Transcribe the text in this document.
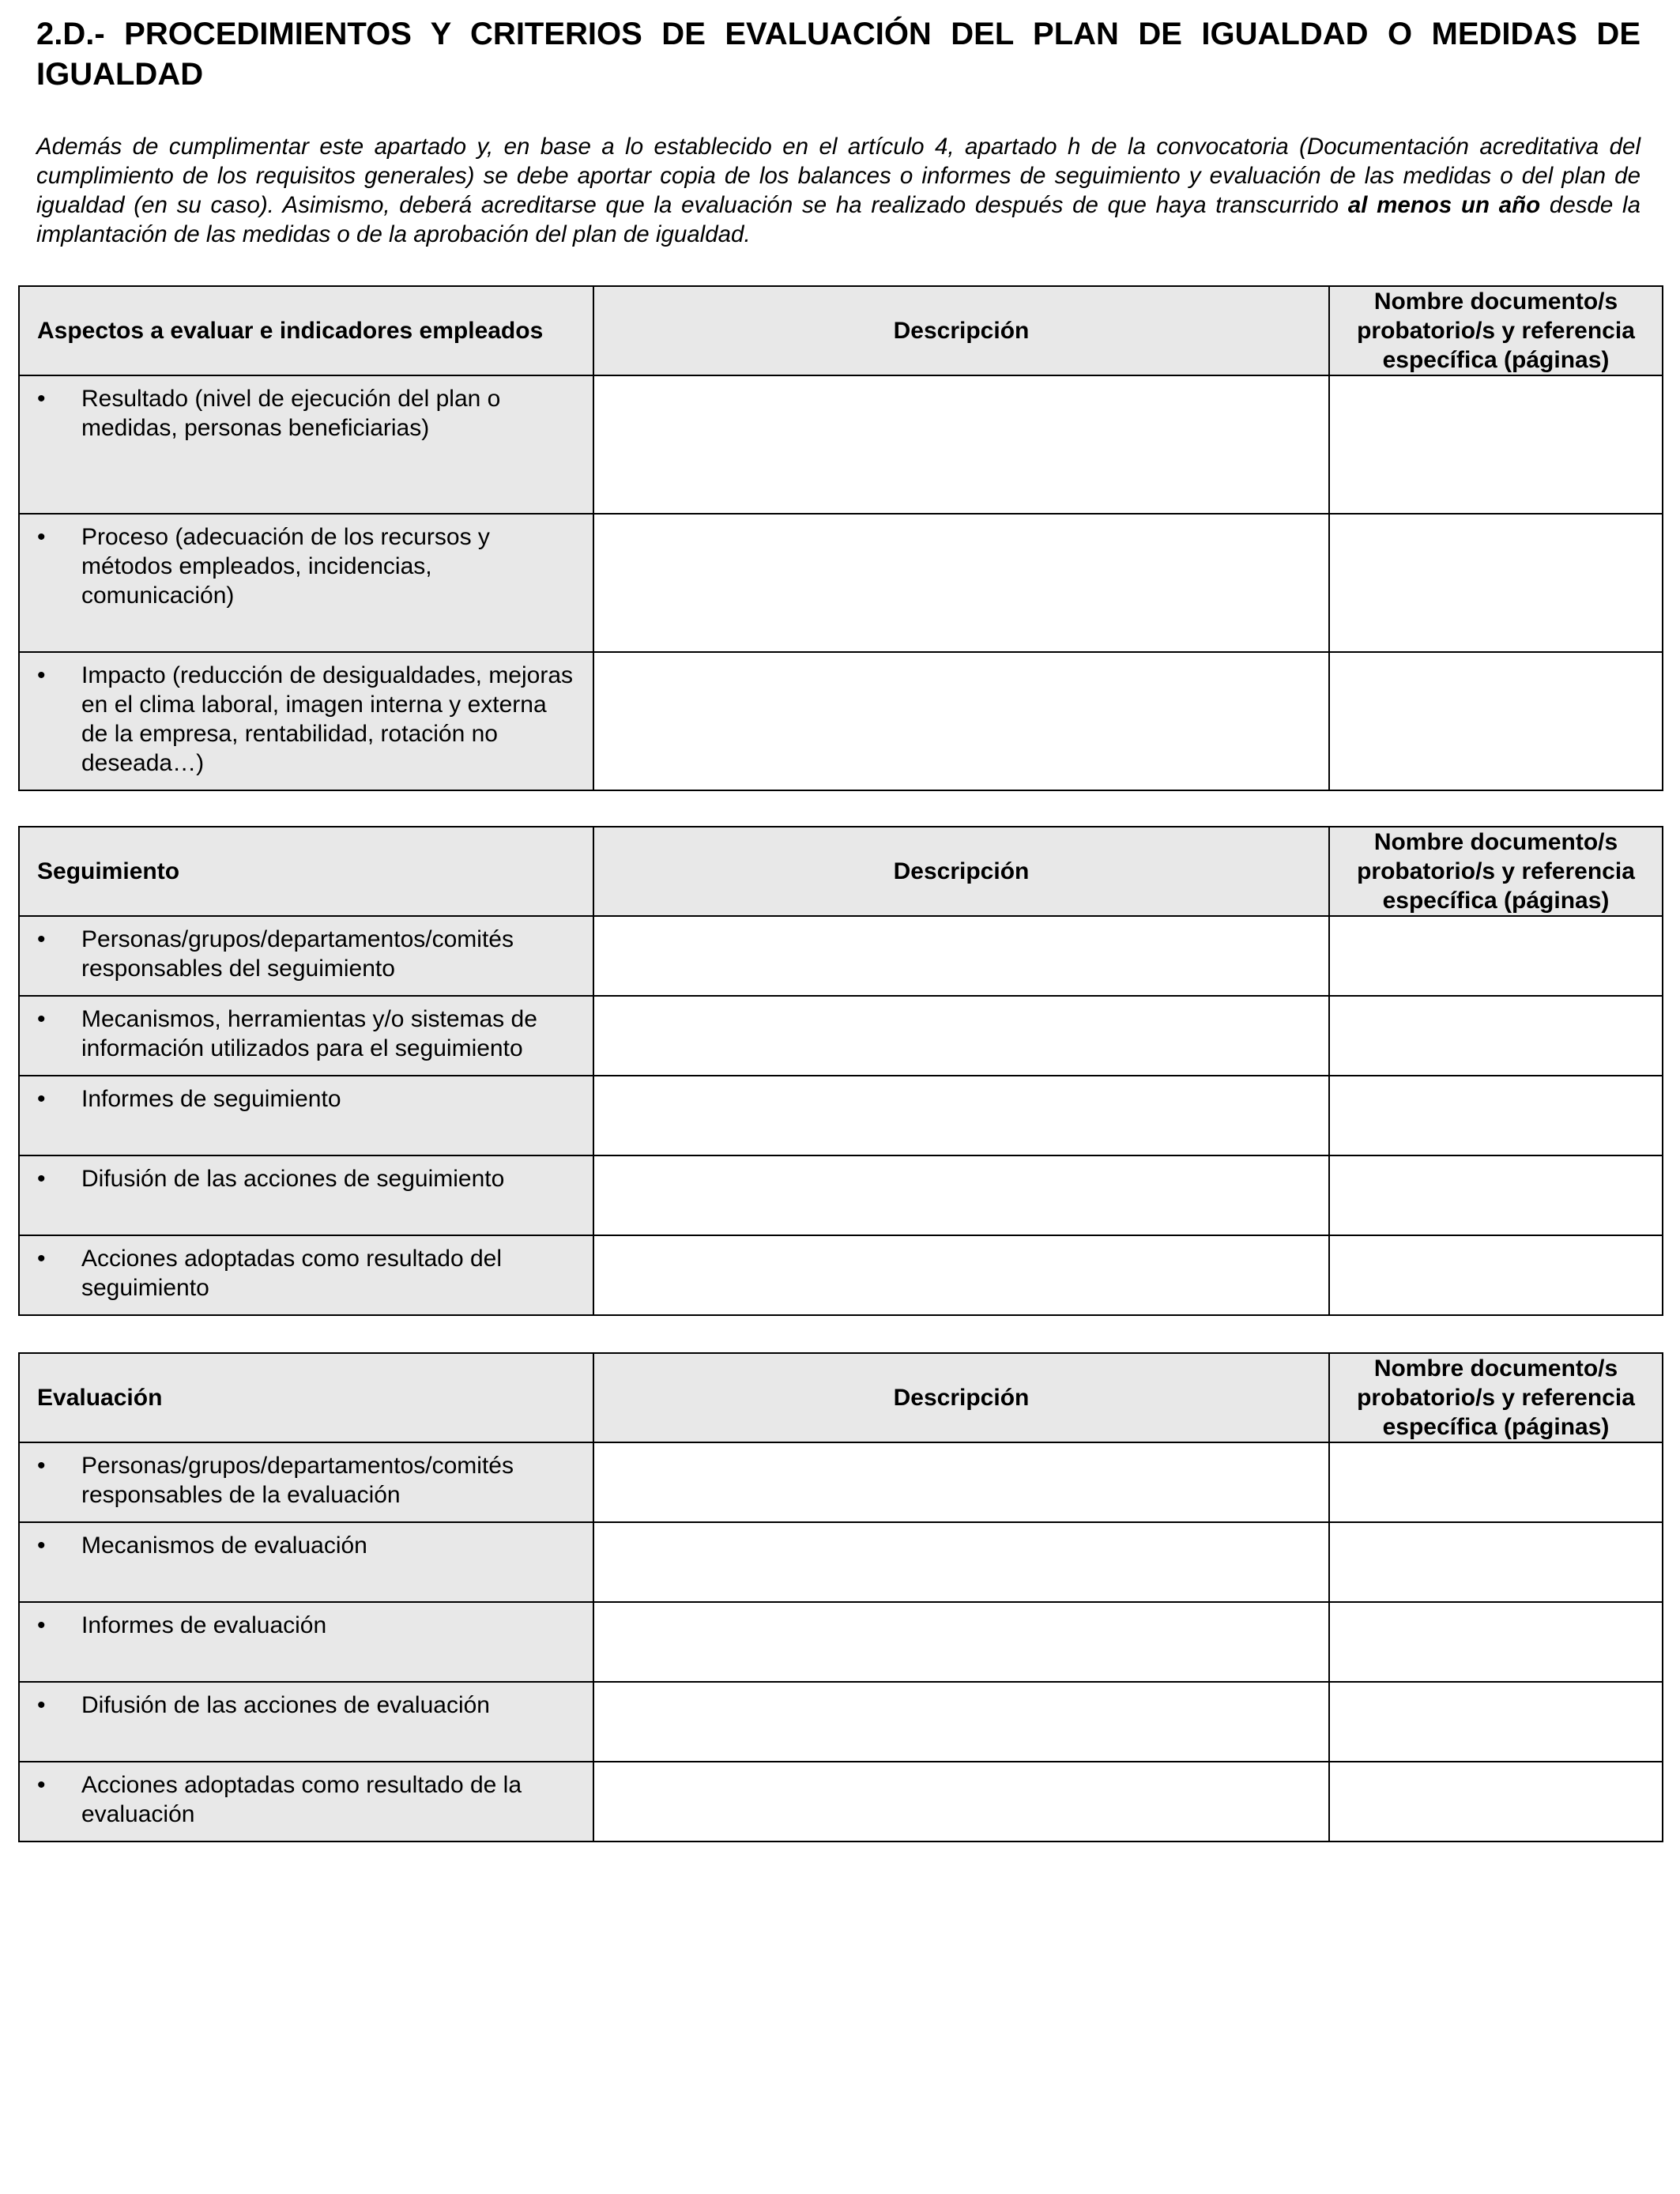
2.D.- PROCEDIMIENTOS Y CRITERIOS DE EVALUACIÓN DEL PLAN DE IGUALDAD O MEDIDAS DE IGUALDAD

Además de cumplimentar este apartado y, en base a lo establecido en el artículo 4, apartado h de la convocatoria (Documentación acreditativa del cumplimiento de los requisitos generales) se debe aportar copia de los balances o informes de seguimiento y evaluación de las medidas o del plan de igualdad (en su caso). Asimismo, deberá acreditarse que la evaluación se ha realizado después de que haya transcurrido al menos un año desde la implantación de las medidas o de la aprobación del plan de igualdad.

Aspectos a evaluar e indicadores empleados	Descripción	Nombre documento/s probatorio/s y referencia específica (páginas)

• Resultado (nivel de ejecución del plan o medidas, personas beneficiarias)		

• Proceso (adecuación de los recursos y métodos empleados, incidencias, comunicación)		

• Impacto (reducción de desigualdades, mejoras en el clima laboral, imagen interna y externa de la empresa, rentabilidad, rotación no deseada…)		

Seguimiento	Descripción	Nombre documento/s probatorio/s y referencia específica (páginas)

• Personas/grupos/departamentos/comités responsables del seguimiento		

• Mecanismos, herramientas y/o sistemas de información utilizados para el seguimiento		

• Informes de seguimiento		

• Difusión de las acciones de seguimiento		

• Acciones adoptadas como resultado del seguimiento		

Evaluación	Descripción	Nombre documento/s probatorio/s y referencia específica (páginas)

• Personas/grupos/departamentos/comités responsables de la evaluación		

• Mecanismos de evaluación		

• Informes de evaluación		

• Difusión de las acciones de evaluación		

• Acciones adoptadas como resultado de la evaluación		
